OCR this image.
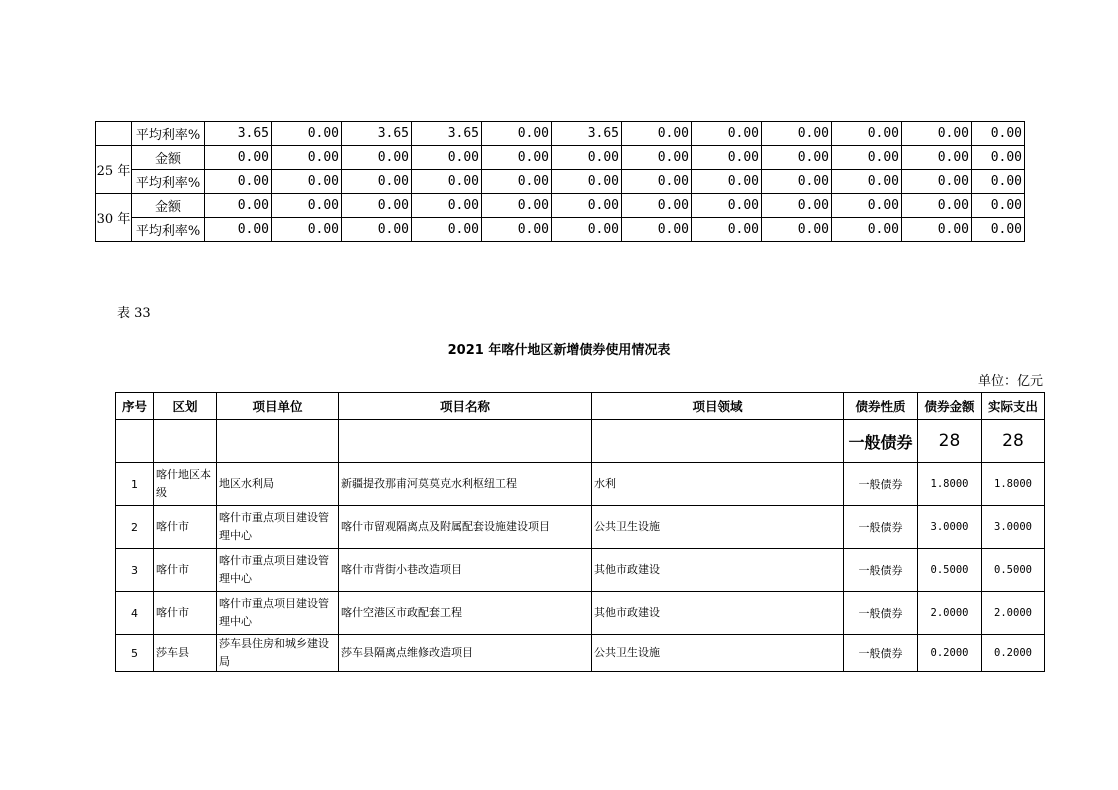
	平均利率%	3.65	0.00	3.65	3.65	0.00	3.65	0.00	0.00	0.00	0.00	0.00	0.00
25 年	金额	0.00	0.00	0.00	0.00	0.00	0.00	0.00	0.00	0.00	0.00	0.00	0.00
	平均利率%	0.00	0.00	0.00	0.00	0.00	0.00	0.00	0.00	0.00	0.00	0.00	0.00
30 年	金额	0.00	0.00	0.00	0.00	0.00	0.00	0.00	0.00	0.00	0.00	0.00	0.00
	平均利率%	0.00	0.00	0.00	0.00	0.00	0.00	0.00	0.00	0.00	0.00	0.00	0.00
表 33
2021 年喀什地区新增债券使用情况表
单位：亿元
序号	区划	项目单位	项目名称	项目领域	债券性质	债券金额	实际支出
					一般债券	28	28
1	喀什地区本级	地区水利局	新疆提孜那甫河莫莫克水利枢纽工程	水利	一般债券	1.8000	1.8000
2	喀什市	喀什市重点项目建设管理中心	喀什市留观隔离点及附属配套设施建设项目	公共卫生设施	一般债券	3.0000	3.0000
3	喀什市	喀什市重点项目建设管理中心	喀什市背街小巷改造项目	其他市政建设	一般债券	0.5000	0.5000
4	喀什市	喀什市重点项目建设管理中心	喀什空港区市政配套工程	其他市政建设	一般债券	2.0000	2.0000
5	莎车县	莎车县住房和城乡建设局	莎车县隔离点维修改造项目	公共卫生设施	一般债券	0.2000	0.2000
